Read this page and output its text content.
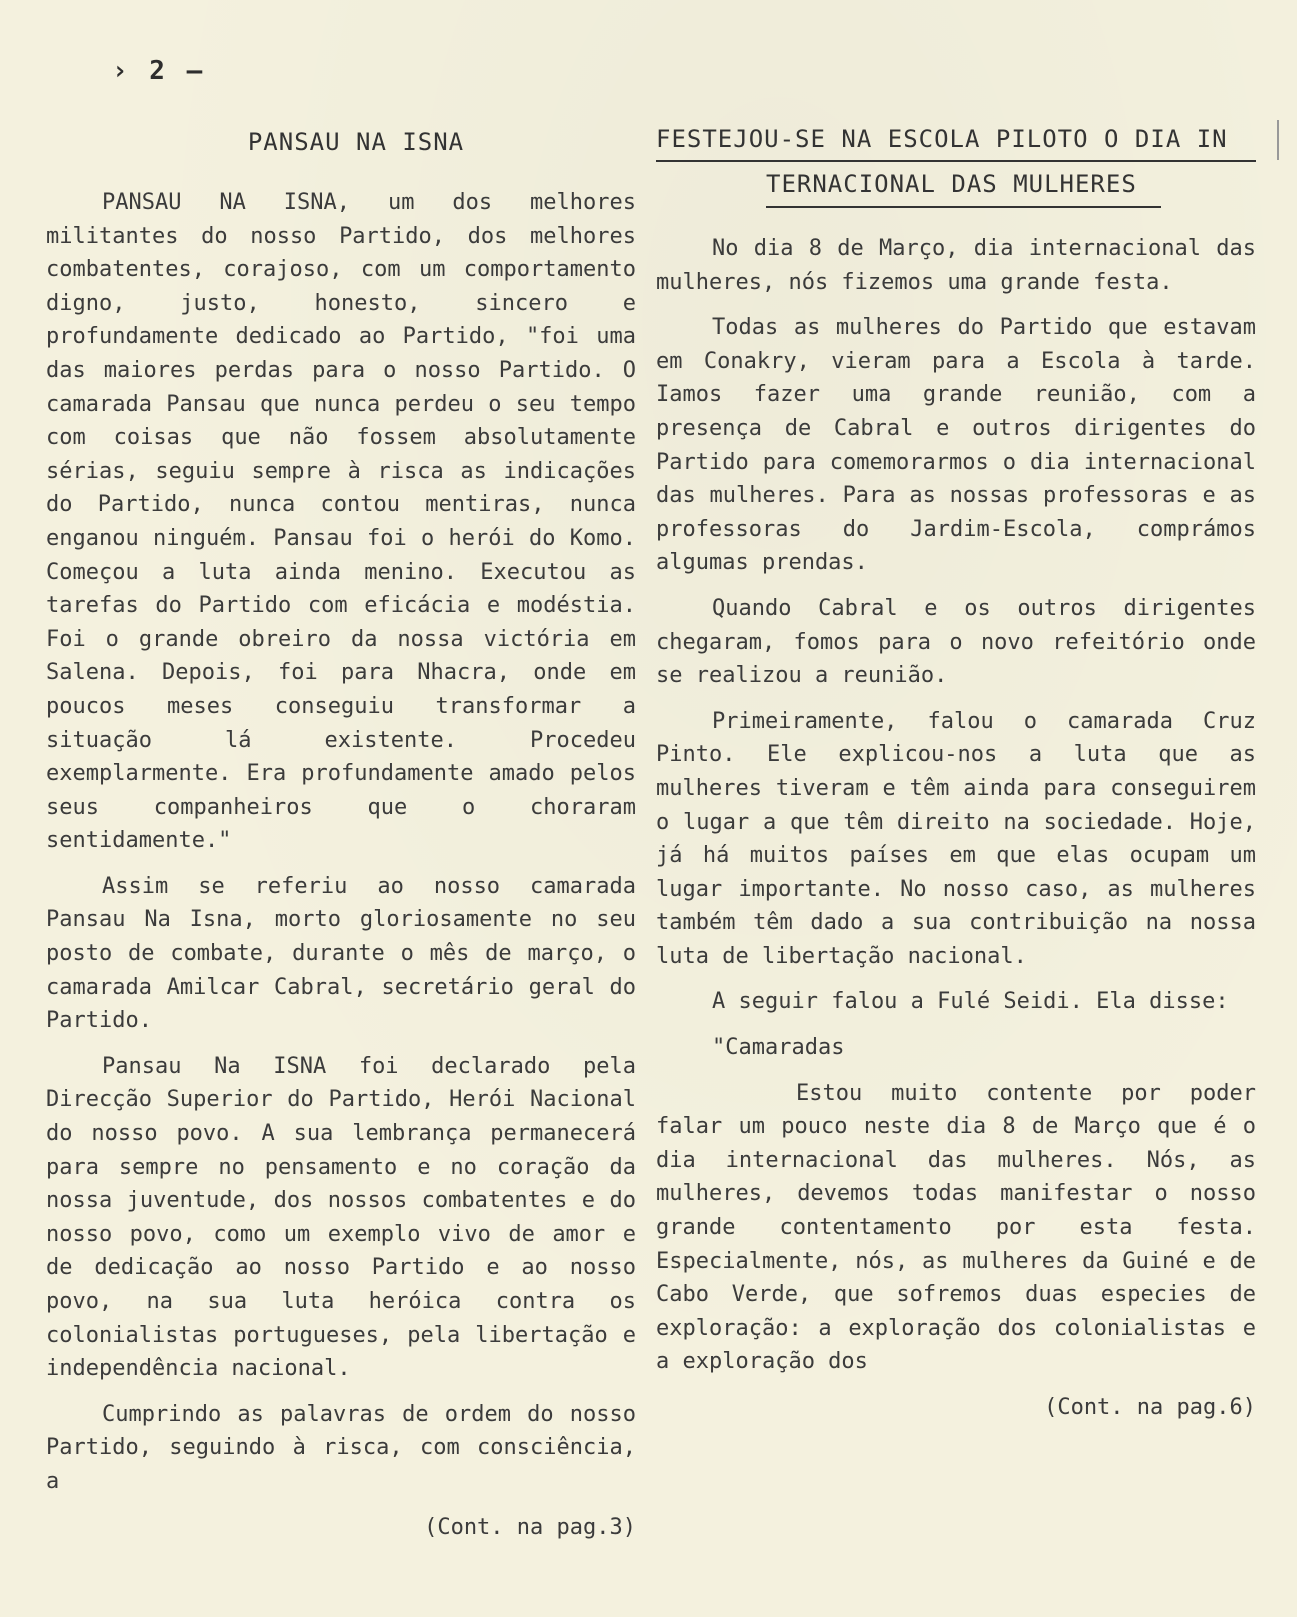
​
› 2 –
PANSAU NA ISNA

PANSAU NA ISNA, um dos melhores militantes do nosso Partido, dos melhores combatentes, corajoso, com um comportamento digno, justo, honesto, sincero e profundamente dedicado ao Partido, "foi uma das maiores perdas para o nosso Partido. O camarada Pansau que nunca perdeu o seu tempo com coisas que não fossem absolutamente sérias, seguiu sempre à risca as indicações do Partido, nunca contou mentiras, nunca enganou ninguém. Pansau foi o herói do Komo. Começou a luta ainda menino. Executou as tarefas do Partido com eficácia e modéstia. Foi o grande obreiro da nossa victória em Salena. Depois, foi para Nhacra, onde em poucos meses conseguiu transformar a situação lá existente. Procedeu exemplarmente. Era profundamente amado pelos seus companheiros que o choraram sentidamente."

Assim se referiu ao nosso camarada Pansau Na Isna, morto gloriosamente no seu posto de combate, durante o mês de março, o camarada Amilcar Cabral, secretário geral do Partido.

Pansau Na ISNA foi declarado pela Direcção Superior do Partido, Herói Nacional do nosso povo. A sua lembrança permanecerá para sempre no pensamento e no coração da nossa juventude, dos nossos combatentes e do nosso povo, como um exemplo vivo de amor e de dedicação ao nosso Partido e ao nosso povo, na sua luta heróica contra os colonialistas portugueses, pela libertação e independência nacional.

Cumprindo as palavras de ordem do nosso Partido, seguindo à risca, com consciência, a

(Cont. na pag.3)
FESTEJOU-SE NA ESCOLA PILOTO O DIA IN
TERNACIONAL DAS MULHERES

No dia 8 de Março, dia internacional das mulheres, nós fizemos uma grande festa.

Todas as mulheres do Partido que estavam em Conakry, vieram para a Escola à tarde. Iamos fazer uma grande reunião, com a presença de Cabral e outros dirigentes do Partido para comemorarmos o dia internacional das mulheres. Para as nossas professoras e as professoras do Jardim-Escola, comprámos algumas prendas.

Quando Cabral e os outros dirigentes chegaram, fomos para o novo refeitório onde se realizou a reunião.

Primeiramente, falou o camarada Cruz Pinto. Ele explicou-nos a luta que as mulheres tiveram e têm ainda para conseguirem o lugar a que têm direito na sociedade. Hoje, já há muitos países em que elas ocupam um lugar importante. No nosso caso, as mulheres também têm dado a sua contribuição na nossa luta de libertação nacional.

A seguir falou a Fulé Seidi. Ela disse:

"Camaradas

Estou muito contente por poder falar um pouco neste dia 8 de Março que é o dia internacional das mulheres. Nós, as mulheres, devemos todas manifestar o nosso grande contentamento por esta festa. Especialmente, nós, as mulheres da Guiné e de Cabo Verde, que sofremos duas especies de exploração: a exploração dos colonialistas e a exploração dos

(Cont. na pag.6)
